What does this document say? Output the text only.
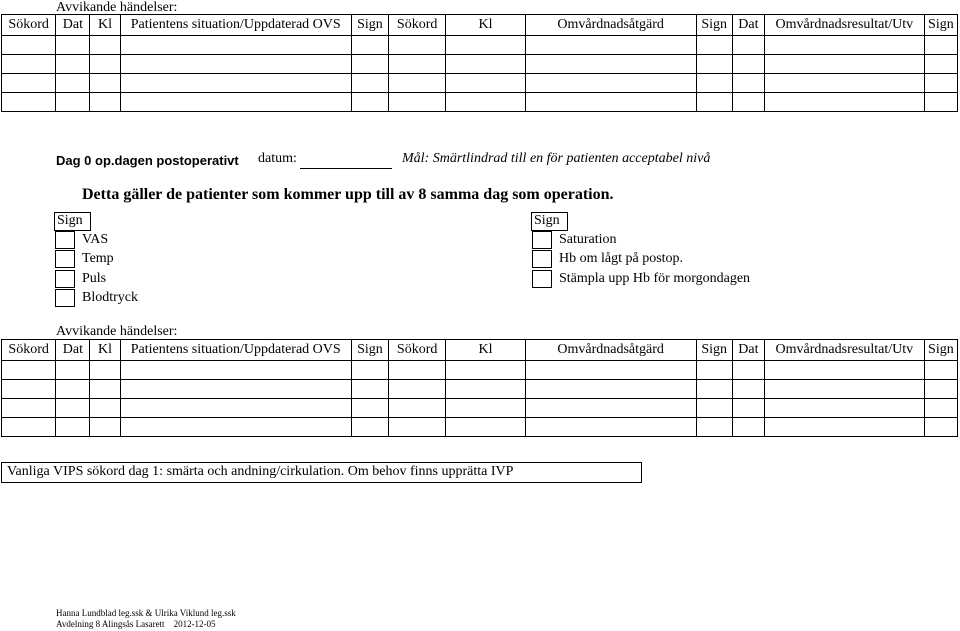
Avvikande händelser:
Sökord	Dat	Kl	Patientens situation/Uppdaterad OVS	Sign	Sökord	Kl	Omvårdnadsåtgärd	Sign	Dat	Omvårdnadsresultat/Utv	Sign

Dag 0 op.dagen postoperativt datum:	Mål: Smärtlindrad till en för patienten acceptabel nivå
Detta gäller de patienter som kommer upp till av 8 samma dag som operation.
Sign
VAS
Temp
Puls
Blodtryck
Sign
Saturation
Hb om lågt på postop.
Stämpla upp Hb för morgondagen
Avvikande händelser:
Sökord	Dat	Kl	Patientens situation/Uppdaterad OVS	Sign	Sökord	Kl	Omvårdnadsåtgärd	Sign	Dat	Omvårdnadsresultat/Utv	Sign

Vanliga VIPS sökord dag 1: smärta och andning/cirkulation. Om behov finns upprätta IVP
Hanna Lundblad leg.ssk & Ulrika Viklund leg.ssk
Avdelning 8 Alingsås Lasarett    2012-12-05
